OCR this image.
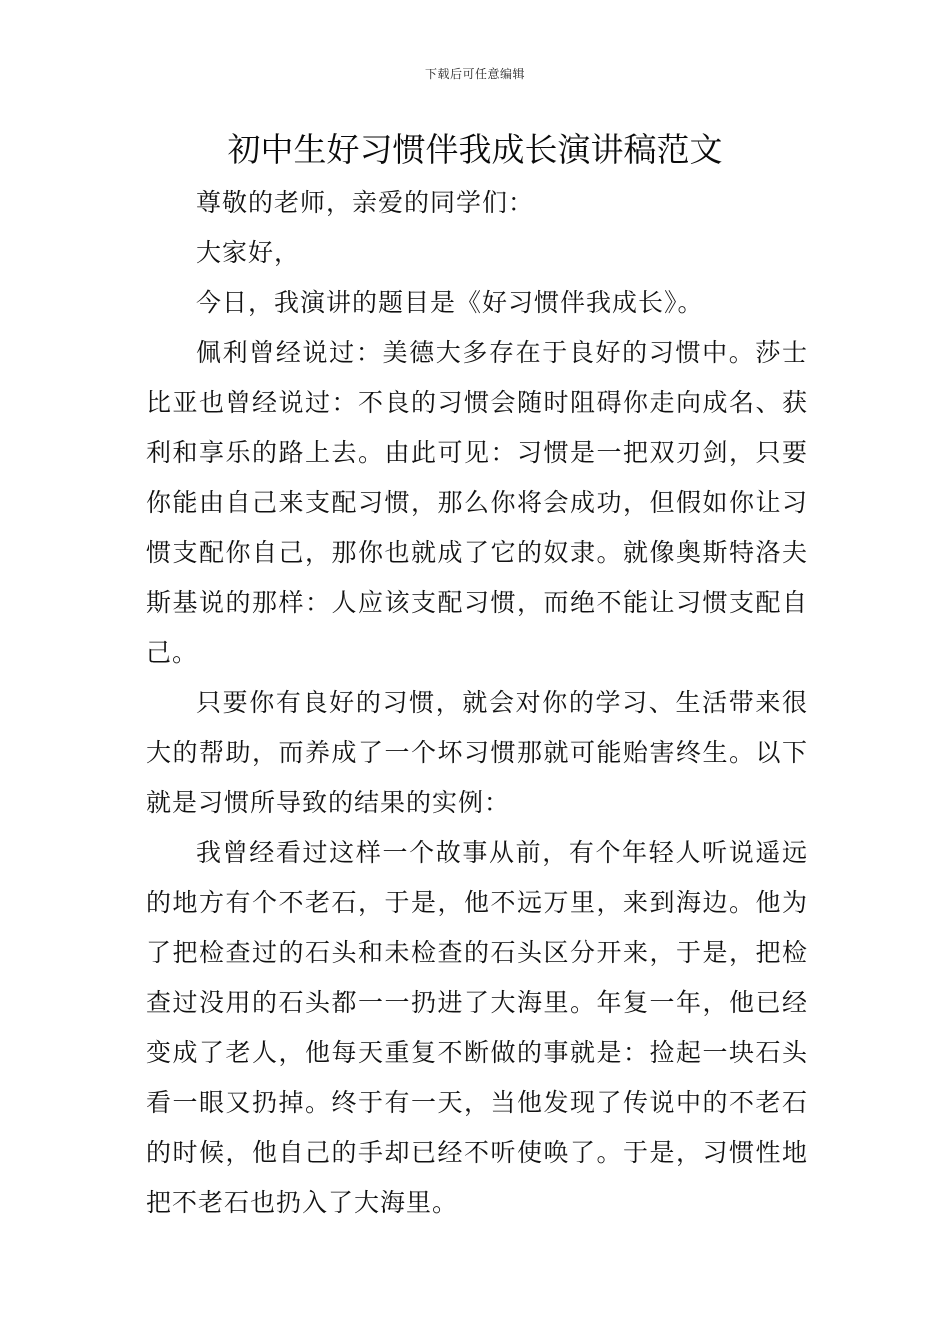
下载后可任意编辑
初中生好习惯伴我成长演讲稿范文

尊敬的老师，亲爱的同学们：

大家好，

今日，我演讲的题目是《好习惯伴我成长》。

佩利曾经说过：美德大多存在于良好的习惯中。莎士比亚也曾经说过：不良的习惯会随时阻碍你走向成名、获利和享乐的路上去。由此可见：习惯是一把双刃剑，只要你能由自己来支配习惯，那么你将会成功，但假如你让习惯支配你自己，那你也就成了它的奴隶。就像奥斯特洛夫斯基说的那样：人应该支配习惯，而绝不能让习惯支配自己。

只要你有良好的习惯，就会对你的学习、生活带来很大的帮助，而养成了一个坏习惯那就可能贻害终生。以下就是习惯所导致的结果的实例：

我曾经看过这样一个故事从前，有个年轻人听说遥远的地方有个不老石，于是，他不远万里，来到海边。他为了把检查过的石头和未检查的石头区分开来，于是，把检查过没用的石头都一一扔进了大海里。年复一年，他已经变成了老人，他每天重复不断做的事就是：捡起一块石头看一眼又扔掉。终于有一天，当他发现了传说中的不老石的时候，他自己的手却已经不听使唤了。于是，习惯性地把不老石也扔入了大海里。
